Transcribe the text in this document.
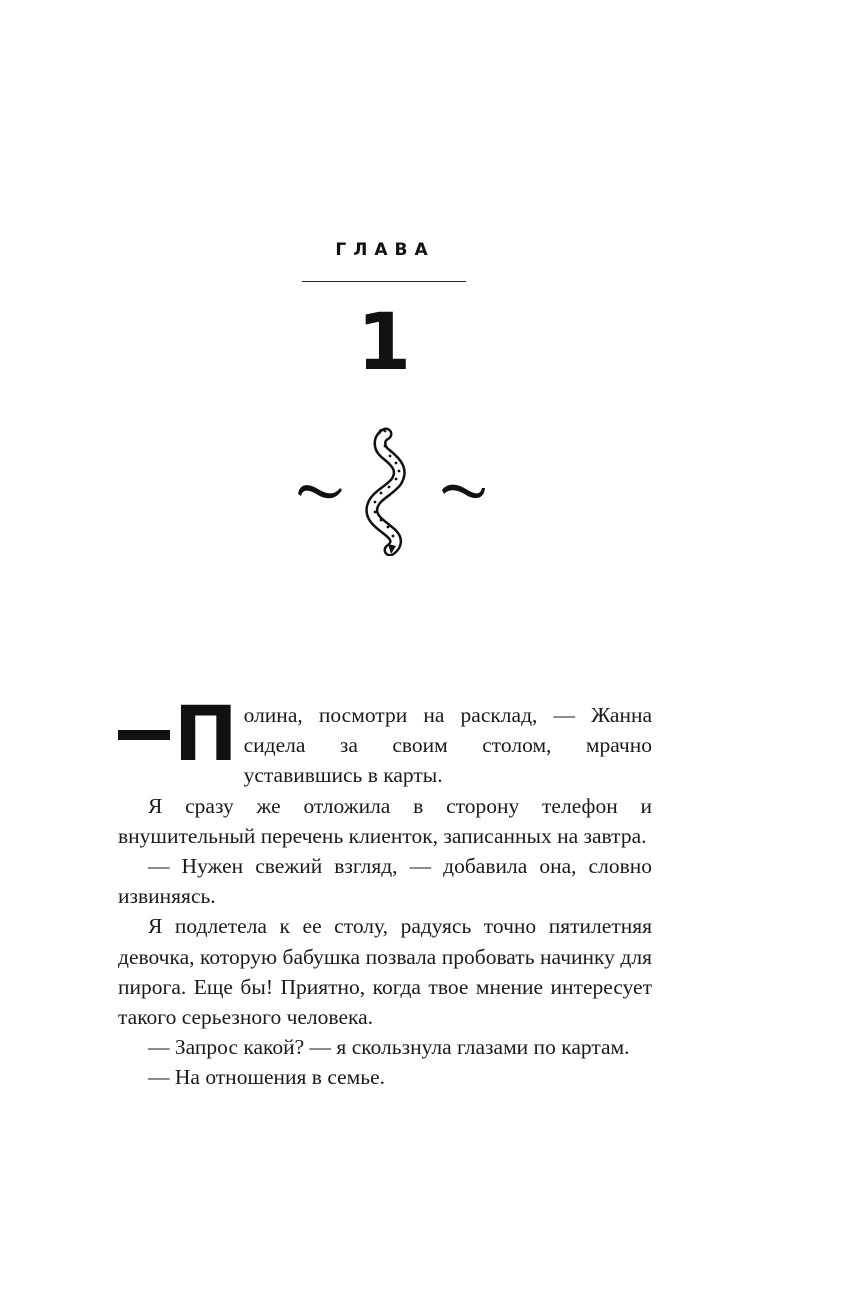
ГЛАВА
1

П олина, посмотри на расклад, — Жанна сидела за своим столом, мрачно уставившись в карты.

Я сразу же отложила в сторону телефон и внушительный перечень клиенток, записанных на завтра.

— Нужен свежий взгляд, — добавила она, словно извиняясь.

Я подлетела к ее столу, радуясь точно пятилетняя девочка, которую бабушка позвала пробовать начинку для пирога. Еще бы! Приятно, когда твое мнение интересует такого серьезного человека.

— Запрос какой? — я скользнула глазами по картам.

— На отношения в семье.
